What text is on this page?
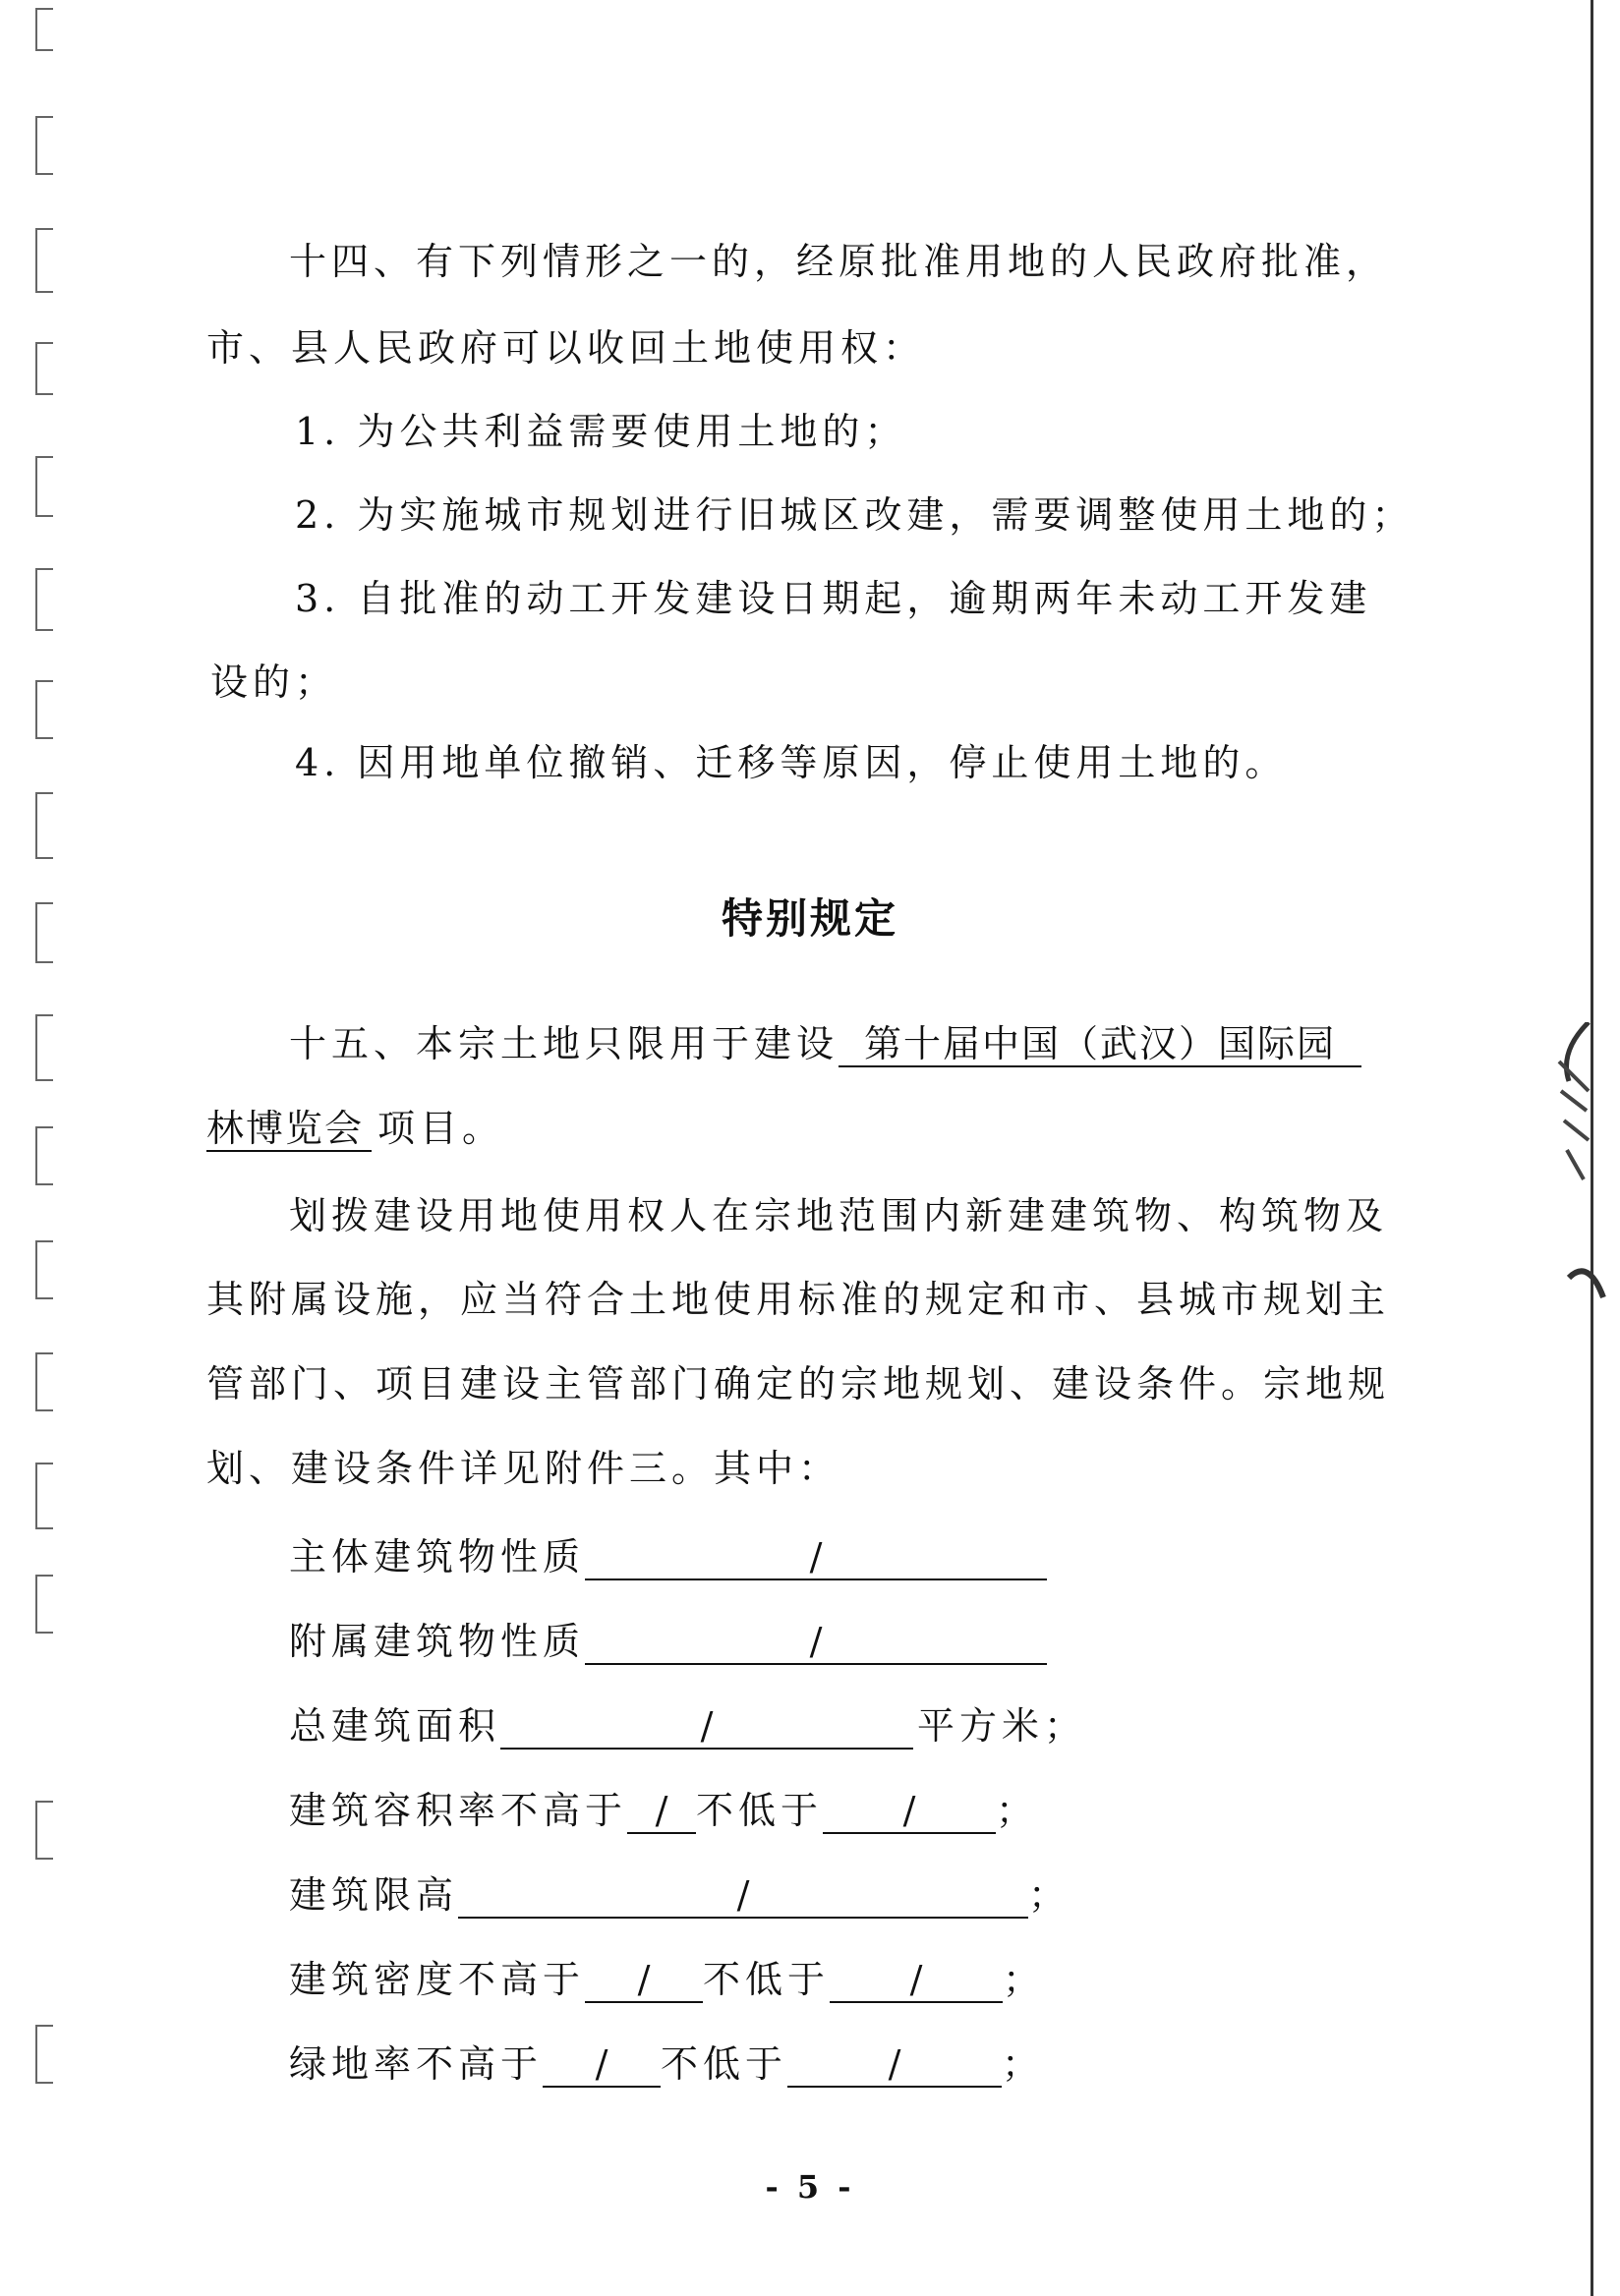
十四、有下列情形之一的，经原批准用地的人民政府批准，
市、县人民政府可以收回土地使用权：
1. 为公共利益需要使用土地的；
2. 为实施城市规划进行旧城区改建，需要调整使用土地的；
3. 自批准的动工开发建设日期起，逾期两年未动工开发建
设的；
4. 因用地单位撤销、迁移等原因，停止使用土地的。
特别规定
十五、本宗土地只限用于建设 第十届中国（武汉）国际园
林博览会 项目。
划拨建设用地使用权人在宗地范围内新建建筑物、构筑物及
其附属设施，应当符合土地使用标准的规定和市、县城市规划主
管部门、项目建设主管部门确定的宗地规划、建设条件。宗地规
划、建设条件详见附件三。其中：
主体建筑物性质	/
附属建筑物性质	/
总建筑面积	/	平方米；
建筑容积率不高于 / 不低于 / ；
建筑限高	/	；
建筑密度不高于 / 不低于 / ；
绿地率不高于 / 不低于	/	；
- 5 -
